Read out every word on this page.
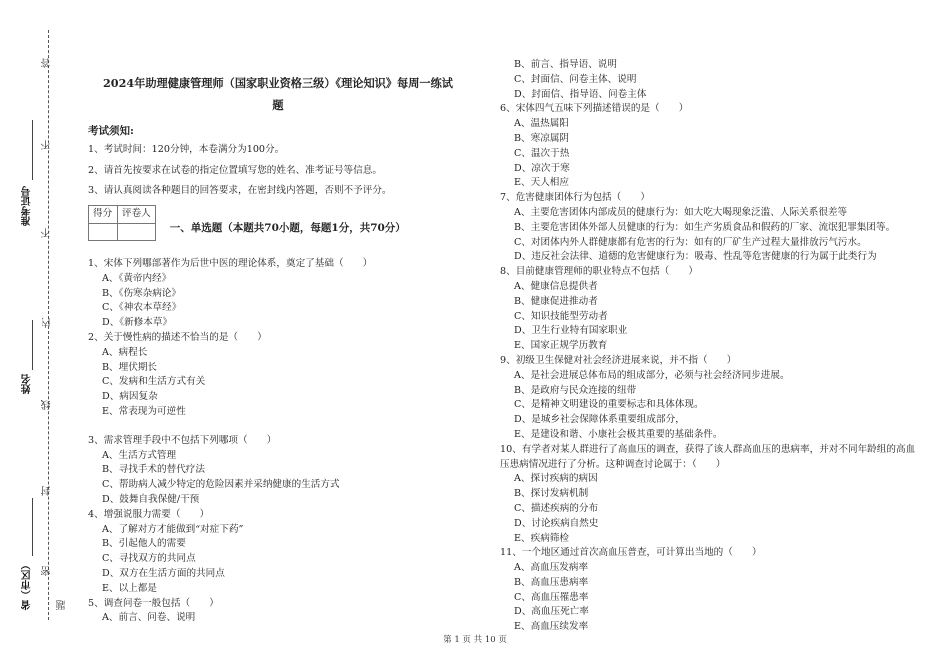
答
不
不
内
线
封
密
题
准考证号
姓名
省（市区）
2024年助理健康管理师（国家职业资格三级）《理论知识》每周一练试
题
考试须知:
1、考试时间：120分钟，本卷满分为100分。
2、请首先按要求在试卷的指定位置填写您的姓名、准考证号等信息。
3、请认真阅读各种题目的回答要求，在密封线内答题，否则不予评分。
得分	评卷人

一、单选题（本题共70小题，每题1分，共70分）
1、宋体下列哪部著作为后世中医的理论体系，奠定了基础（　　）
A、《黄帝内经》
B、《伤寒杂病论》
C、《神农本草经》
D、《新修本草》
2、关于慢性病的描述不恰当的是（　　）
A、病程长
B、埋伏期长
C、发病和生活方式有关
D、病因复杂
E、常表现为可逆性
3、需求管理手段中不包括下列哪项（　　）
A、生活方式管理
B、寻找手术的替代疗法
C、帮助病人减少特定的危险因素并采纳健康的生活方式
D、鼓舞自我保健/干预
4、增强说服力需要（　　）
A、了解对方才能做到“对症下药”
B、引起他人的需要
C、寻找双方的共同点
D、双方在生活方面的共同点
E、以上都是
5、调查问卷一般包括（　　）
A、前言、问卷、说明
B、前言、指导语、说明
C、封面信、问卷主体、说明
D、封面信、指导语、问卷主体
6、宋体四气五味下列描述错误的是（　　）
A、温热属阳
B、寒凉属阴
C、温次于热
D、凉次于寒
E、天人相应
7、危害健康团体行为包括（　　）
A、主要危害团体内部成员的健康行为：如大吃大喝现象泛滥、人际关系很差等
B、主要危害团体外部人员健康的行为：如生产劣质食品和假药的厂家、流氓犯罪集团等。
C、对团体内外人群健康都有危害的行为：如有的厂矿生产过程大量排放污气污水。
D、违反社会法律、道德的危害健康行为：吸毒、性乱等危害健康的行为属于此类行为
8、目前健康管理师的职业特点不包括（　　）
A、健康信息提供者
B、健康促进推动者
C、知识技能型劳动者
D、卫生行业特有国家职业
E、国家正规学历教育
9、初级卫生保健对社会经济进展来说，并不指（　　）
A、是社会进展总体布局的组成部分，必须与社会经济同步进展。
B、是政府与民众连接的纽带
C、是精神文明建设的重要标志和具体体现。
D、是城乡社会保障体系重要组成部分，
E、是建设和谐、小康社会极其重要的基础条件。
10、有学者对某人群进行了高血压的调查，获得了该人群高血压的患病率，并对不同年龄组的高血压患病情况进行了分析。这种调查讨论属于：（　　）
A、探讨疾病的病因
B、探讨发病机制
C、描述疾病的分布
D、讨论疾病自然史
E、疾病筛检
11、一个地区通过首次高血压普查，可计算出当地的（　　）
A、高血压发病率
B、高血压患病率
C、高血压罹患率
D、高血压死亡率
E、高血压续发率
第 1 页 共 10 页
